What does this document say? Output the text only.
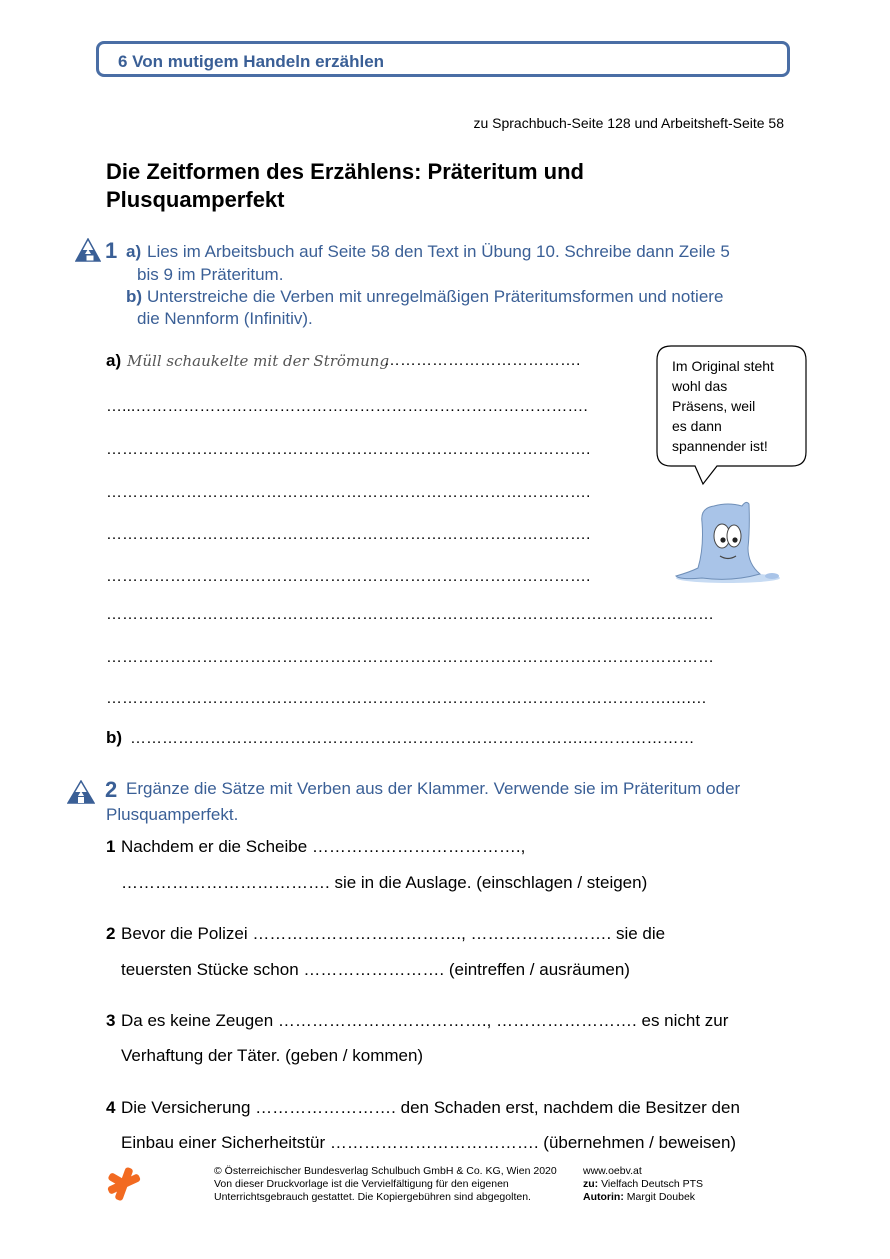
6 Von mutigem Handeln erzählen
zu Sprachbuch-Seite 128 und Arbeitsheft-Seite 58
Die Zeitformen des Erzählens: Präteritum und
Plusquamperfekt
1 a) Lies im Arbeitsbuch auf Seite 58 den Text in Übung 10. Schreibe dann Zeile 5
bis 9 im Präteritum.
b) Unterstreiche die Verben mit unregelmäßigen Präteritumsformen und notiere
die Nennform (Infinitiv).
a) Müll schaukelte mit der Strömung
……………………………….
…...………………………………………………………………………….
……………………………………………………………………………….
……………………………………………………………………………….
……………………………………………………………………………….
……………………………………………………………………………….
……………………………………………………………………………………………………
……………………………………………………………………………………………………
…………………………………………………………………………………………….….…
b) ………………………………………………………………………….…………………
Im Original steht
wohl das
Präsens, weil
es dann
spannender ist!
2 Ergänze die Sätze mit Verben aus der Klammer. Verwende sie im Präteritum oder
Plusquamperfekt.
1 Nachdem er die Scheibe ……………………………….,
………………………………. sie in die Auslage. (einschlagen / steigen)
2 Bevor die Polizei ………………………………., ……………………. sie die
teuersten Stücke schon ……………………. (eintreffen / ausräumen)
3 Da es keine Zeugen ………………………………., ……………………. es nicht zur
Verhaftung der Täter. (geben / kommen)
4 Die Versicherung ……………………. den Schaden erst, nachdem die Besitzer den
Einbau einer Sicherheitstür ………………………………. (übernehmen / beweisen)
© Österreichischer Bundesverlag Schulbuch GmbH & Co. KG, Wien 2020
Von dieser Druckvorlage ist die Vervielfältigung für den eigenen
Unterrichtsgebrauch gestattet. Die Kopiergebühren sind abgegolten.
www.oebv.at
zu: Vielfach Deutsch PTS
Autorin: Margit Doubek
